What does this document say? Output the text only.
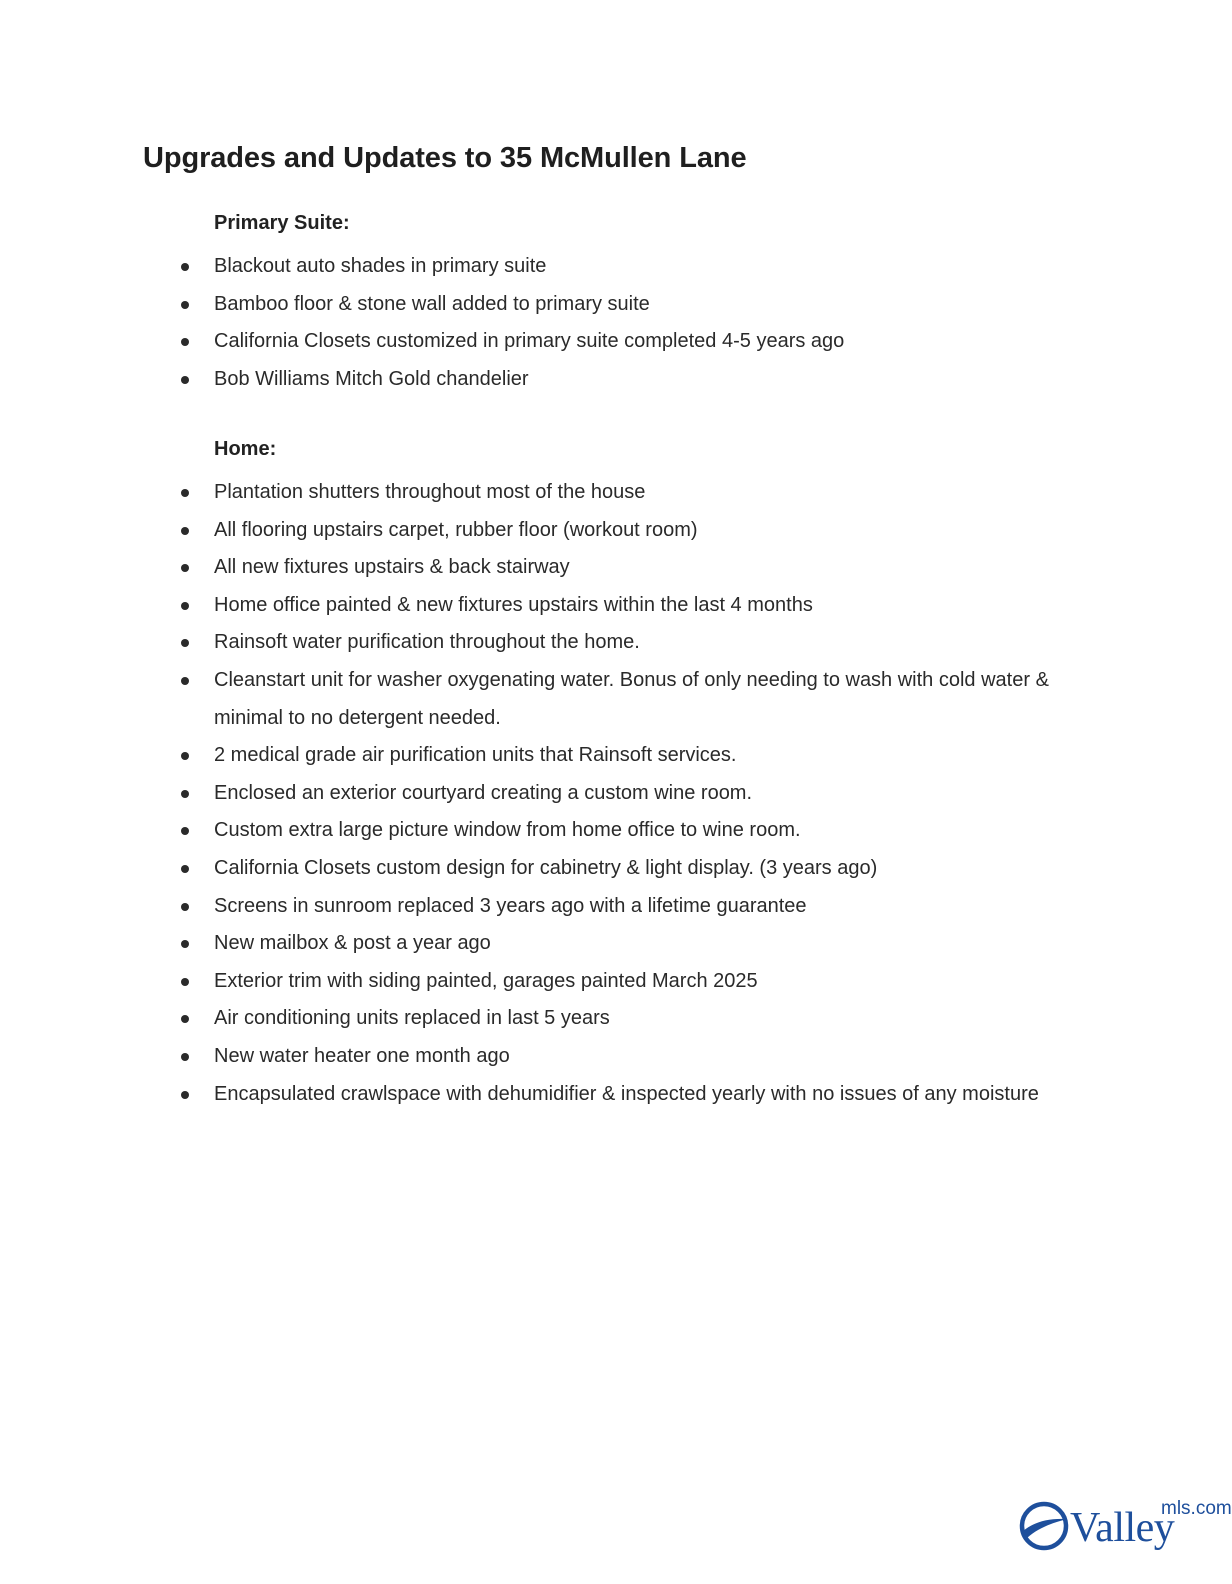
Upgrades and Updates to 35 McMullen Lane
Primary Suite:
Blackout auto shades in primary suite
Bamboo floor & stone wall added to primary suite
California Closets customized in primary suite completed 4-5 years ago
Bob Williams Mitch Gold chandelier
Home:
Plantation shutters throughout most of the house
All flooring upstairs carpet, rubber floor (workout room)
All new fixtures upstairs & back stairway
Home office painted & new fixtures upstairs within the last 4 months
Rainsoft water purification throughout the home.
Cleanstart unit for washer oxygenating water. Bonus of only needing to wash with cold water & minimal to no detergent needed.
2 medical grade air purification units that Rainsoft services.
Enclosed an exterior courtyard creating a custom wine room.
Custom extra large picture window from home office to wine room.
California Closets custom design for cabinetry & light display. (3 years ago)
Screens in sunroom replaced 3 years ago with a lifetime guarantee
New mailbox & post a year ago
Exterior trim with siding painted, garages painted March 2025
Air conditioning units replaced in last 5 years
New water heater one month ago
Encapsulated crawlspace with dehumidifier & inspected yearly with no issues of any moisture
Valley
mls.com
